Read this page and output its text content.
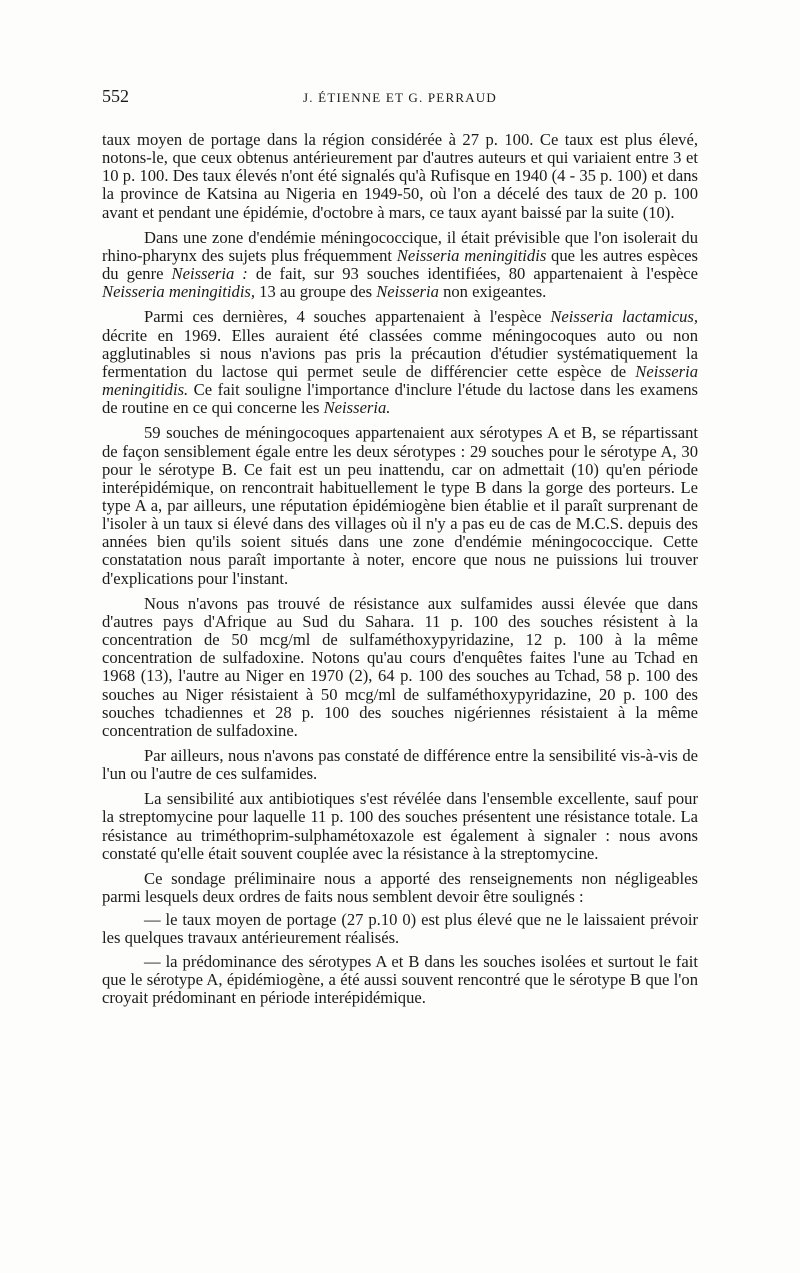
552	J. ÉTIENNE ET G. PERRAUD

taux moyen de portage dans la région considérée à 27 p. 100. Ce taux est plus élevé, notons-le, que ceux obtenus antérieurement par d'autres auteurs et qui variaient entre 3 et 10 p. 100. Des taux élevés n'ont été signalés qu'à Rufisque en 1940 (4 - 35 p. 100) et dans la province de Katsina au Nigeria en 1949-50, où l'on a décelé des taux de 20 p. 100 avant et pendant une épidémie, d'octobre à mars, ce taux ayant baissé par la suite (10).

Dans une zone d'endémie méningococcique, il était prévisible que l'on isolerait du rhino-pharynx des sujets plus fréquemment Neisseria meningitidis que les autres espèces du genre Neisseria : de fait, sur 93 souches identifiées, 80 appartenaient à l'espèce Neisseria meningitidis, 13 au groupe des Neisseria non exigeantes.

Parmi ces dernières, 4 souches appartenaient à l'espèce Neisseria lactamicus, décrite en 1969. Elles auraient été classées comme méningocoques auto ou non agglutinables si nous n'avions pas pris la précaution d'étudier systématiquement la fermentation du lactose qui permet seule de différencier cette espèce de Neisseria meningitidis. Ce fait souligne l'importance d'inclure l'étude du lactose dans les examens de routine en ce qui concerne les Neisseria.

59 souches de méningocoques appartenaient aux sérotypes A et B, se répartissant de façon sensiblement égale entre les deux sérotypes : 29 souches pour le sérotype A, 30 pour le sérotype B. Ce fait est un peu inattendu, car on admettait (10) qu'en période interépidémique, on rencontrait habituellement le type B dans la gorge des porteurs. Le type A a, par ailleurs, une réputation épidémiogène bien établie et il paraît surprenant de l'isoler à un taux si élevé dans des villages où il n'y a pas eu de cas de M.C.S. depuis des années bien qu'ils soient situés dans une zone d'endémie méningococcique. Cette constatation nous paraît importante à noter, encore que nous ne puissions lui trouver d'explications pour l'instant.

Nous n'avons pas trouvé de résistance aux sulfamides aussi élevée que dans d'autres pays d'Afrique au Sud du Sahara. 11 p. 100 des souches résistent à la concentration de 50 mcg/ml de sulfaméthoxypyridazine, 12 p. 100 à la même concentration de sulfadoxine. Notons qu'au cours d'enquêtes faites l'une au Tchad en 1968 (13), l'autre au Niger en 1970 (2), 64 p. 100 des souches au Tchad, 58 p. 100 des souches au Niger résistaient à 50 mcg/ml de sulfaméthoxypyridazine, 20 p. 100 des souches tchadiennes et 28 p. 100 des souches nigériennes résistaient à la même concentration de sulfadoxine.

Par ailleurs, nous n'avons pas constaté de différence entre la sensibilité vis-à-vis de l'un ou l'autre de ces sulfamides.

La sensibilité aux antibiotiques s'est révélée dans l'ensemble excellente, sauf pour la streptomycine pour laquelle 11 p. 100 des souches présentent une résistance totale. La résistance au triméthoprim-sulphamétoxazole est également à signaler : nous avons constaté qu'elle était souvent couplée avec la résistance à la streptomycine.

Ce sondage préliminaire nous a apporté des renseignements non négligeables parmi lesquels deux ordres de faits nous semblent devoir être soulignés :

— le taux moyen de portage (27 p.10 0) est plus élevé que ne le laissaient prévoir les quelques travaux antérieurement réalisés.

— la prédominance des sérotypes A et B dans les souches isolées et surtout le fait que le sérotype A, épidémiogène, a été aussi souvent rencontré que le sérotype B que l'on croyait prédominant en période interépidémique.
